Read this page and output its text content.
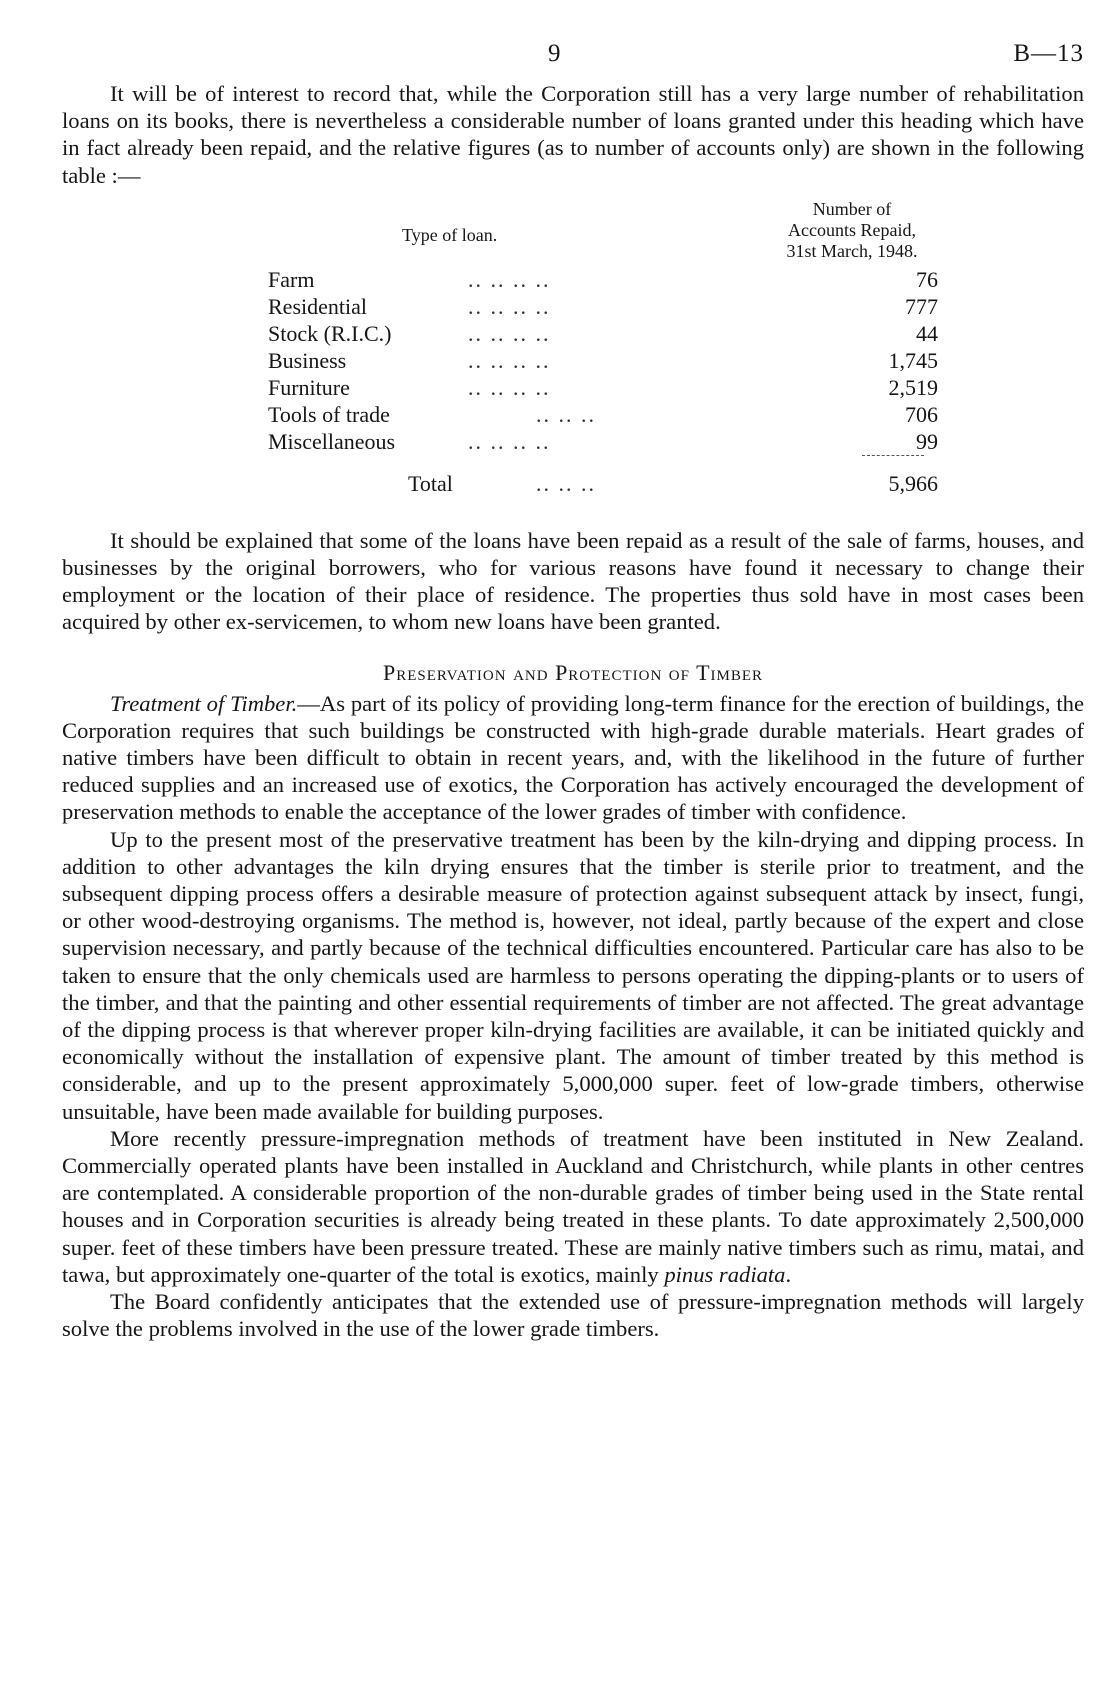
9	B—13

It will be of interest to record that, while the Corporation still has a very large number of rehabilitation loans on its books, there is nevertheless a considerable number of loans granted under this heading which have in fact already been repaid, and the relative figures (as to number of accounts only) are shown in the following table :—

Type of loan.
Number of
Accounts Repaid,
31st March, 1948.
Farm	.. .. .. ..	76
Residential	.. .. .. ..	777
Stock (R.I.C.)	.. .. .. ..	44
Business	.. .. .. ..	1,745
Furniture	.. .. .. ..	2,519
Tools of trade	.. .. ..	706
Miscellaneous	.. .. .. ..	99
Total	.. .. ..	5,966

It should be explained that some of the loans have been repaid as a result of the sale of farms, houses, and businesses by the original borrowers, who for various reasons have found it necessary to change their employment or the location of their place of residence. The properties thus sold have in most cases been acquired by other ex-servicemen, to whom new loans have been granted.

Preservation and Protection of Timber

Treatment of Timber.—As part of its policy of providing long-term finance for the erection of buildings, the Corporation requires that such buildings be constructed with high-grade durable materials. Heart grades of native timbers have been difficult to obtain in recent years, and, with the likelihood in the future of further reduced supplies and an increased use of exotics, the Corporation has actively encouraged the development of preservation methods to enable the acceptance of the lower grades of timber with confidence.

Up to the present most of the preservative treatment has been by the kiln-drying and dipping process. In addition to other advantages the kiln drying ensures that the timber is sterile prior to treatment, and the subsequent dipping process offers a desirable measure of protection against subsequent attack by insect, fungi, or other wood-destroying organisms. The method is, however, not ideal, partly because of the expert and close supervision necessary, and partly because of the technical difficulties encountered. Particular care has also to be taken to ensure that the only chemicals used are harmless to persons operating the dipping-plants or to users of the timber, and that the painting and other essential requirements of timber are not affected. The great advantage of the dipping process is that wherever proper kiln-drying facilities are available, it can be initiated quickly and economically without the installation of expensive plant. The amount of timber treated by this method is considerable, and up to the present approximately 5,000,000 super. feet of low-grade timbers, otherwise unsuitable, have been made available for building purposes.

More recently pressure-impregnation methods of treatment have been instituted in New Zealand. Commercially operated plants have been installed in Auckland and Christchurch, while plants in other centres are contemplated. A considerable proportion of the non-durable grades of timber being used in the State rental houses and in Corporation securities is already being treated in these plants. To date approximately 2,500,000 super. feet of these timbers have been pressure treated. These are mainly native timbers such as rimu, matai, and tawa, but approximately one-quarter of the total is exotics, mainly pinus radiata.

The Board confidently anticipates that the extended use of pressure-impregnation methods will largely solve the problems involved in the use of the lower grade timbers.
